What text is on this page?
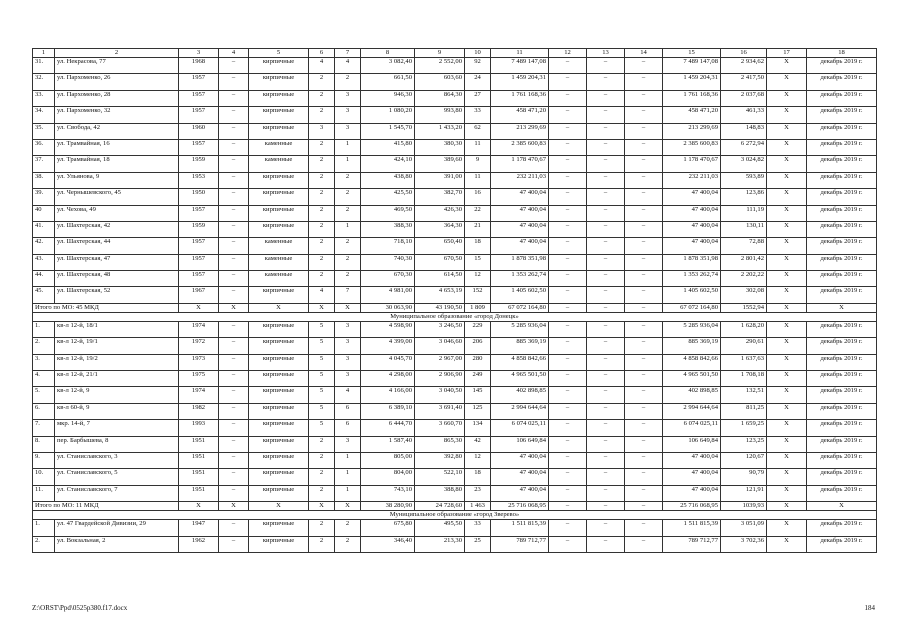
1	2	3	4	5	6	7	8	9	10	11	12	13	14	15	16	17	18
31.	ул. Некрасова, 77	1968	–	кирпичные	4	4	3 082,40	2 552,00	92	7 489 147,08	–	–	–	7 489 147,08	2 934,62	X	декабрь 2019 г.
32.	ул. Пархоменко, 26	1957	–	кирпичные	2	2	661,50	603,60	24	1 459 204,31	–	–	–	1 459 204,31	2 417,50	X	декабрь 2019 г.
33.	ул. Пархоменко, 28	1957	–	кирпичные	2	3	946,30	864,30	27	1 761 168,36	–	–	–	1 761 168,36	2 037,68	X	декабрь 2019 г.
34.	ул. Пархоменко, 32	1957	–	кирпичные	2	3	1 080,20	993,80	33	458 471,20	–	–	–	458 471,20	461,33	X	декабрь 2019 г.
35.	ул. Свобода, 42	1960	–	кирпичные	3	3	1 545,70	1 433,20	62	213 299,69	–	–	–	213 299,69	148,83	X	декабрь 2019 г.
36.	ул. Трамвайная, 16	1957	–	каменные	2	1	415,80	380,30	11	2 385 600,83	–	–	–	2 385 600,83	6 272,94	X	декабрь 2019 г.
37.	ул. Трамвайная, 18	1959	–	каменные	2	1	424,10	389,60	9	1 178 470,67	–	–	–	1 178 470,67	3 024,82	X	декабрь 2019 г.
38.	ул. Ульянова, 9	1953	–	кирпичные	2	2	438,80	391,00	11	232 211,03	–	–	–	232 211,03	593,89	X	декабрь 2019 г.
39.	ул. Чернышевского, 45	1950	–	кирпичные	2	2	425,50	382,70	16	47 400,04	–	–	–	47 400,04	123,86	X	декабрь 2019 г.
40	ул. Чехова, 49	1957	–	кирпичные	2	2	469,50	426,30	22	47 400,04	–	–	–	47 400,04	111,19	X	декабрь 2019 г.
41.	ул. Шахтерская, 42	1959	–	кирпичные	2	1	388,30	364,30	21	47 400,04	–	–	–	47 400,04	130,11	X	декабрь 2019 г.
42.	ул. Шахтерская, 44	1957	–	каменные	2	2	718,10	650,40	18	47 400,04	–	–	–	47 400,04	72,88	X	декабрь 2019 г.
43.	ул. Шахтерская, 47	1957	–	каменные	2	2	740,30	670,50	15	1 878 351,98	–	–	–	1 878 351,98	2 801,42	X	декабрь 2019 г.
44.	ул. Шахтерская, 48	1957	–	каменные	2	2	670,30	614,50	12	1 353 262,74	–	–	–	1 353 262,74	2 202,22	X	декабрь 2019 г.
45.	ул. Шахтерская, 52	1967	–	кирпичные	4	7	4 981,00	4 653,19	152	1 405 602,50	–	–	–	1 405 602,50	302,08	X	декабрь 2019 г.
Итого по МО: 45 МКД		X	X	X	X	X	30 063,90	43 190,50	1 809	67 072 164,80	–	–	–	67 072 164,80	1552,94	X	X
Муниципальное образование «город Донецк»																	
1.	кв-л 12-й, 18/1	1974	–	кирпичные	5	3	4 598,90	3 246,50	229	5 285 936,04	–	–	–	5 285 936,04	1 628,20	X	декабрь 2019 г.
2.	кв-л 12-й, 19/1	1972	–	кирпичные	5	3	4 399,00	3 046,60	206	885 369,19	–	–	–	885 369,19	290,61	X	декабрь 2019 г.
3.	кв-л 12-й, 19/2	1973	–	кирпичные	5	3	4 045,70	2 967,00	280	4 858 842,66	–	–	–	4 858 842,66	1 637,63	X	декабрь 2019 г.
4.	кв-л 12-й, 21/1	1975	–	кирпичные	5	3	4 298,00	2 906,90	249	4 965 501,50	–	–	–	4 965 501,50	1 708,18	X	декабрь 2019 г.
5.	кв-л 12-й, 9	1974	–	кирпичные	5	4	4 166,00	3 040,50	145	402 898,85	–	–	–	402 898,85	132,51	X	декабрь 2019 г.
6.	кв-л 60-й, 9	1982	–	кирпичные	5	6	6 389,10	3 691,40	125	2 994 644,64	–	–	–	2 994 644,64	811,25	X	декабрь 2019 г.
7.	мкр. 14-й, 7	1993	–	кирпичные	5	6	6 444,70	3 660,70	134	6 074 025,11	–	–	–	6 074 025,11	1 659,25	X	декабрь 2019 г.
8.	пер. Барбышева, 8	1951	–	кирпичные	2	3	1 587,40	865,30	42	106 649,84	–	–	–	106 649,84	123,25	X	декабрь 2019 г.
9.	ул. Станиславского, 3	1951	–	кирпичные	2	1	805,00	392,80	12	47 400,04	–	–	–	47 400,04	120,67	X	декабрь 2019 г.
10.	ул. Станиславского, 5	1951	–	кирпичные	2	1	804,00	522,10	18	47 400,04	–	–	–	47 400,04	90,79	X	декабрь 2019 г.
11.	ул. Станиславского, 7	1951	–	кирпичные	2	1	743,10	388,80	23	47 400,04	–	–	–	47 400,04	121,91	X	декабрь 2019 г.
Итого по МО: 11 МКД		X	X	X	X	X	38 280,90	24 728,60	1 463	25 716 068,95	–	–	–	25 716 068,95	1039,93	X	X
Муниципальное образование «город Зверево»																	
1.	ул. 47 Гвардейской Дивизии, 29	1947	–	кирпичные	2	2	675,80	495,50	33	1 511 815,39	–	–	–	1 511 815,39	3 051,09	X	декабрь 2019 г.
2.	ул. Вокзальная, 2	1962	–	кирпичные	2	2	346,40	213,30	25	789 712,77	–	–	–	789 712,77	3 702,36	X	декабрь 2019 г.
Z:\ORST\Ppd\0525p380.f17.docx	184
